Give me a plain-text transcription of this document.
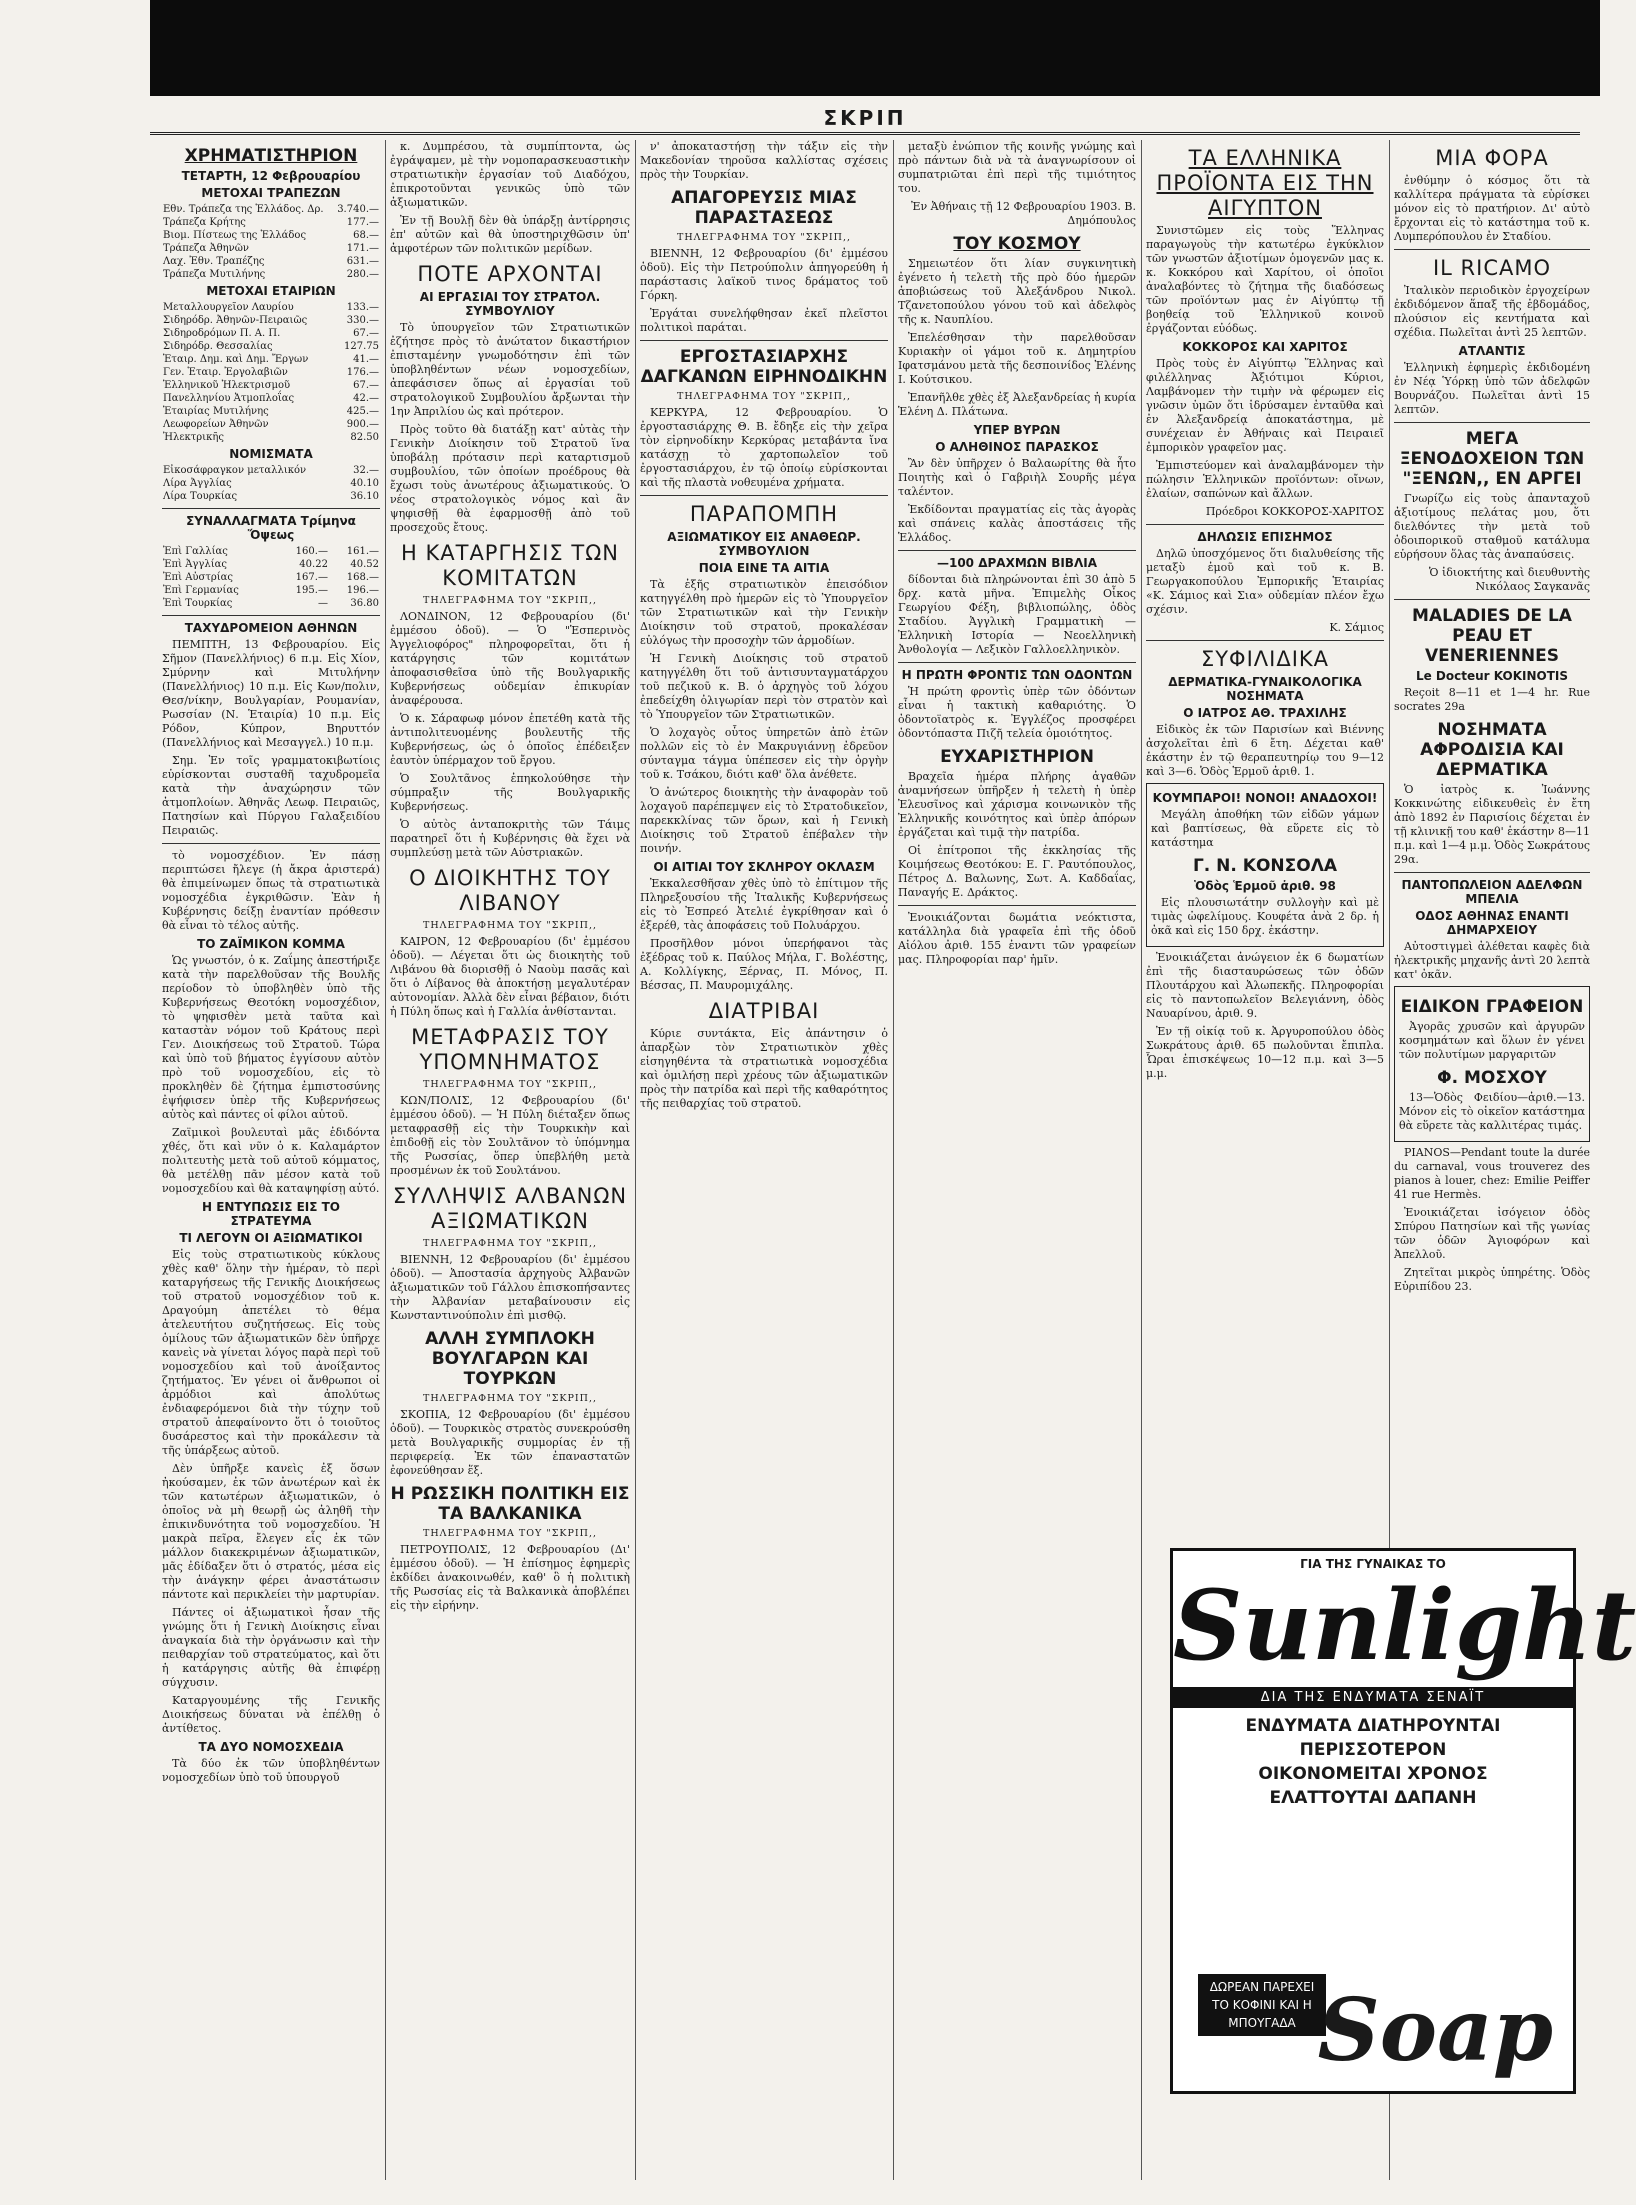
ΣΚΡΙΠ
ΧΡΗΜΑΤΙΣΤΗΡΙΟΝ
ΤΕΤΑΡΤΗ, 12 Φεβρουαρίου
ΜΕΤΟΧΑΙ ΤΡΑΠΕΖΩΝ
Εθν. Τράπεζα της Ἑλλάδος. Δρ.	3.740.—
Τράπεζα Κρήτης	177.—
Βιομ. Πίστεως της Ἑλλάδος	68.—
Τράπεζα Ἀθηνῶν	171.—
Λαχ. Ἐθν. Τραπέζης	631.—
Τράπεζα Μυτιλήνης	280.—
ΜΕΤΟΧΑΙ ΕΤΑΙΡΙΩΝ
Μεταλλουργεῖον Λαυρίου	133.—
Σιδηρόδρ. Ἀθηνῶν-Πειραιῶς	330.—
Σιδηροδρόμων Π. Α. Π.	67.—
Σιδηρόδρ. Θεσσαλίας	127.75
Ἑταιρ. Δημ. καὶ Δημ. Ἔργων	41.—
Γεν. Ἑταιρ. Ἐργολαβιῶν	176.—
Ἑλληνικοῦ Ἠλεκτρισμοῦ	67.—
Πανελληνίου Ἀτμοπλοΐας	42.—
Ἑταιρίας Μυτιλήνης	425.—
Λεωφορείων Ἀθηνῶν	900.—
Ἠλεκτρικῆς	82.50
ΝΟΜΙΣΜΑΤΑ
Εἰκοσάφραγκον μεταλλικόν	32.—
Λίρα Ἀγγλίας	40.10
Λίρα Τουρκίας	36.10
ΣΥΝΑΛΛΑΓΜΑΤΑ Τρίμηνα Ὄψεως
Ἐπὶ Γαλλίας	160.—	161.—
Ἐπὶ Ἀγγλίας	40.22	40.52
Ἐπὶ Αὐστρίας	167.—	168.—
Ἐπὶ Γερμανίας	195.—	196.—
Ἐπὶ Τουρκίας	—	36.80
ΤΑΧΥΔΡΟΜΕΙΟΝ ΑΘΗΝΩΝ

ΠΕΜΠΤΗ, 13 Φεβρουαρίου. Εἰς Σῆμον (Πανελλήνιος) 6 π.μ. Εἰς Χίον, Σμύρνην καὶ Μιτυλήνην (Πανελλήνιος) 10 π.μ. Εἰς Κων/πολιν, Θεσ/νίκην, Βουλγαρίαν, Ρουμανίαν, Ρωσσίαν (Ν. Ἑταιρία) 10 π.μ. Εἰς Ρόδον, Κύπρον, Βηρυττόν (Πανελλήνιος καὶ Μεσαγγελ.) 10 π.μ.

Σημ. Ἐν τοῖς γραμματοκιβωτίοις εὑρίσκονται συσταθῆ ταχυδρομεῖα κατὰ τὴν ἀναχώρησιν τῶν ἀτμοπλοίων. Ἀθηνᾶς Λεωφ. Πειραιῶς, Πατησίων καὶ Πύργου Γαλαξειδίου Πειραιῶς.

τὸ νομοσχέδιον. Ἐν πάσῃ περιπτώσει ἤλεγε (ἡ ἄκρα ἀριστερά) θὰ ἐπιμείνωμεν ὅπως τὰ στρατιωτικὰ νομοσχέδια ἐγκριθῶσιν. Ἐὰν ἡ Κυβέρνησις δείξῃ ἐναντίαν πρόθεσιν θὰ εἶναι τὸ τέλος αὐτῆς.

ΤΟ ΖΑΪΜΙΚΟΝ ΚΟΜΜΑ

Ὡς γνωστόν, ὁ κ. Ζαΐμης ἀπεστήριξε κατὰ τὴν παρελθοῦσαν τῆς Βουλῆς περίοδον τὸ ὑποβληθὲν ὑπὸ τῆς Κυβερνήσεως Θεοτόκη νομοσχέδιον, τὸ ψηφισθὲν μετὰ ταῦτα καὶ καταστὰν νόμον τοῦ Κράτους περὶ Γεν. Διοικήσεως τοῦ Στρατοῦ. Τώρα καὶ ὑπὸ τοῦ βήματος ἐγγίσουν αὐτὸν πρὸ τοῦ νομοσχεδίου, εἰς τὸ προκληθὲν δὲ ζήτημα ἐμπιστοσύνης ἐψήφισεν ὑπὲρ τῆς Κυβερνήσεως αὐτὸς καὶ πάντες οἱ φίλοι αὐτοῦ.

Ζαϊμικοὶ βουλευταὶ μᾶς ἐδιδόντα χθές, ὅτι καὶ νῦν ὁ κ. Καλαμάρτον πολιτευτὴς μετὰ τοῦ αὐτοῦ κόμματος, θὰ μετέλθῃ πᾶν μέσον κατὰ τοῦ νομοσχεδίου καὶ θὰ καταψηφίσῃ αὐτό.

Η ΕΝΤΥΠΩΣΙΣ ΕΙΣ ΤΟ ΣΤΡΑΤΕΥΜΑ
ΤΙ ΛΕΓΟΥΝ ΟΙ ΑΞΙΩΜΑΤΙΚΟΙ

Εἰς τοὺς στρατιωτικοὺς κύκλους χθὲς καθ' ὅλην τὴν ἡμέραν, τὸ περὶ καταργήσεως τῆς Γενικῆς Διοικήσεως τοῦ στρατοῦ νομοσχέδιον τοῦ κ. Δραγούμη ἀπετέλει τὸ θέμα ἀτελευτήτου συζητήσεως. Εἰς τοὺς ὁμίλους τῶν ἀξιωματικῶν δὲν ὑπῆρχε κανεὶς νὰ γίνεται λόγος παρὰ περὶ τοῦ νομοσχεδίου καὶ τοῦ ἀνοίξαντος ζητήματος. Ἐν γένει οἱ ἄνθρωποι οἱ ἀρμόδιοι καὶ ἀπολύτως ἐνδιαφερόμενοι διὰ τὴν τύχην τοῦ στρατοῦ ἀπεφαίνοντο ὅτι ὁ τοιοῦτος δυσάρεστος καὶ τὴν προκάλεσιν τὰ τῆς ὑπάρξεως αὐτοῦ.

Δὲν ὑπῆρξε κανεὶς ἐξ ὅσων ἠκούσαμεν, ἐκ τῶν ἀνωτέρων καὶ ἐκ τῶν κατωτέρων ἀξιωματικῶν, ὁ ὁποῖος νὰ μὴ θεωρῇ ὡς ἀληθῆ τὴν ἐπικινδυνότητα τοῦ νομοσχεδίου. Ἡ μακρὰ πεῖρα, ἔλεγεν εἷς ἐκ τῶν μάλλον διακεκριμένων ἀξιωματικῶν, μᾶς ἐδίδαξεν ὅτι ὁ στρατός, μέσα εἰς τὴν ἀνάγκην φέρει ἀναστάτωσιν πάντοτε καὶ περικλείει τὴν μαρτυρίαν.

Πάντες οἱ ἀξιωματικοὶ ἦσαν τῆς γνώμης ὅτι ἡ Γενικὴ Διοίκησις εἶναι ἀναγκαία διὰ τὴν ὀργάνωσιν καὶ τὴν πειθαρχίαν τοῦ στρατεύματος, καὶ ὅτι ἡ κατάργησις αὐτῆς θὰ ἐπιφέρῃ σύγχυσιν.

Καταργουμένης τῆς Γενικῆς Διοικήσεως δύναται νὰ ἐπέλθῃ ὁ ἀντίθετος.

ΤΑ ΔΥΟ ΝΟΜΟΣΧΕΔΙΑ

Τὰ δύο ἐκ τῶν ὑποβληθέντων νομοσχεδίων ὑπὸ τοῦ ὑπουργοῦ

κ. Δυμπρέσου, τὰ συμπίπτοντα, ὡς ἐγράψαμεν, μὲ τὴν νομοπαρασκευαστικὴν στρατιωτικὴν ἐργασίαν τοῦ Διαδόχου, ἐπικροτοῦνται γενικῶς ὑπὸ τῶν ἀξιωματικῶν.

Ἐν τῇ Βουλῇ δὲν θὰ ὑπάρξῃ ἀντίρρησις ἐπ' αὐτῶν καὶ θὰ ὑποστηριχθῶσιν ὑπ' ἀμφοτέρων τῶν πολιτικῶν μερίδων.

ΠΟΤΕ ΑΡΧΟΝΤΑΙ
ΑΙ ΕΡΓΑΣΙΑΙ ΤΟΥ ΣΤΡΑΤΟΛ. ΣΥΜΒΟΥΛΙΟΥ

Τὸ ὑπουργεῖον τῶν Στρατιωτικῶν ἐζήτησε πρὸς τὸ ἀνώτατον δικαστήριον ἐπισταμένην γνωμοδότησιν ἐπὶ τῶν ὑποβληθέντων νέων νομοσχεδίων, ἀπεφάσισεν ὅπως αἱ ἐργασίαι τοῦ στρατολογικοῦ Συμβουλίου ἄρξωνται τὴν 1ην Ἀπριλίου ὡς καὶ πρότερον.

Πρὸς τοῦτο θὰ διατάξῃ κατ' αὐτὰς τὴν Γενικὴν Διοίκησιν τοῦ Στρατοῦ ἵνα ὑποβάλῃ πρότασιν περὶ καταρτισμοῦ συμβουλίου, τῶν ὁποίων προέδρους θὰ ἔχωσι τοὺς ἀνωτέρους ἀξιωματικούς. Ὁ νέος στρατολογικὸς νόμος καὶ ἂν ψηφισθῇ θὰ ἐφαρμοσθῇ ἀπὸ τοῦ προσεχοῦς ἔτους.

Η ΚΑΤΑΡΓΗΣΙΣ ΤΩΝ ΚΟΜΙΤΑΤΩΝ
ΤΗΛΕΓΡΑΦΗΜΑ ΤΟΥ "ΣΚΡΙΠ,,

ΛΟΝΔΙΝΟΝ, 12 Φεβρουαρίου (δι' ἐμμέσου ὁδοῦ). — Ὁ "Ἑσπερινὸς Ἀγγελιοφόρος" πληροφορεῖται, ὅτι ἡ κατάργησις τῶν κομιτάτων ἀποφασισθεῖσα ὑπὸ τῆς Βουλγαρικῆς Κυβερνήσεως οὐδεμίαν ἐπικυρίαν ἀναφέρουσα.

Ὁ κ. Σάραφωφ μόνον ἐπετέθη κατὰ τῆς ἀντιπολιτευομένης βουλευτῆς τῆς Κυβερνήσεως, ὡς ὁ ὁποῖος ἐπέδειξεν ἑαυτὸν ὑπέρμαχον τοῦ ἔργου.

Ὁ Σουλτᾶνος ἐπηκολούθησε τὴν σύμπραξιν τῆς Βουλγαρικῆς Κυβερνήσεως.

Ὁ αὐτὸς ἀνταποκριτὴς τῶν Τάιμς παρατηρεῖ ὅτι ἡ Κυβέρνησις θὰ ἔχει νὰ συμπλεύσῃ μετὰ τῶν Αὐστριακῶν.

Ο ΔΙΟΙΚΗΤΗΣ ΤΟΥ ΛΙΒΑΝΟΥ
ΤΗΛΕΓΡΑΦΗΜΑ ΤΟΥ "ΣΚΡΙΠ,,

ΚΑΙΡΟΝ, 12 Φεβρουαρίου (δι' ἐμμέσου ὁδοῦ). — Λέγεται ὅτι ὡς διοικητὴς τοῦ Λιβάνου θὰ διορισθῇ ὁ Ναοὺμ πασᾶς καὶ ὅτι ὁ Λίβανος θὰ ἀποκτήσῃ μεγαλυτέραν αὐτονομίαν. Ἀλλὰ δὲν εἶναι βέβαιον, διότι ἡ Πύλη ὅπως καὶ ἡ Γαλλία ἀνθίστανται.

ΜΕΤΑΦΡΑΣΙΣ ΤΟΥ ΥΠΟΜΝΗΜΑΤΟΣ
ΤΗΛΕΓΡΑΦΗΜΑ ΤΟΥ "ΣΚΡΙΠ,,

ΚΩΝ/ΠΟΛΙΣ, 12 Φεβρουαρίου (δι' ἐμμέσου ὁδοῦ). — Ἡ Πύλη διέταξεν ὅπως μεταφρασθῇ εἰς τὴν Τουρκικὴν καὶ ἐπιδοθῇ εἰς τὸν Σουλτᾶνον τὸ ὑπόμνημα τῆς Ρωσσίας, ὅπερ ὑπεβλήθη μετὰ προσμένων ἐκ τοῦ Σουλτάνου.

ΣΥΛΛΗΨΙΣ ΑΛΒΑΝΩΝ ΑΞΙΩΜΑΤΙΚΩΝ
ΤΗΛΕΓΡΑΦΗΜΑ ΤΟΥ "ΣΚΡΙΠ,,

ΒΙΕΝΝΗ, 12 Φεβρουαρίου (δι' ἐμμέσου ὁδοῦ). — Ἀποστασία ἀρχηγοὺς Ἀλβανῶν ἀξιωματικῶν τοῦ Γάλλου ἐπισκοπήσαντες τὴν Ἀλβανίαν μεταβαίνουσιν εἰς Κωνσταντινούπολιν ἐπὶ μισθῷ.

ΑΛΛΗ ΣΥΜΠΛΟΚΗ ΒΟΥΛΓΑΡΩΝ ΚΑΙ ΤΟΥΡΚΩΝ
ΤΗΛΕΓΡΑΦΗΜΑ ΤΟΥ "ΣΚΡΙΠ,,

ΣΚΟΠΙΑ, 12 Φεβρουαρίου (δι' ἐμμέσου ὁδοῦ). — Τουρκικὸς στρατὸς συνεκρούσθη μετὰ Βουλγαρικῆς συμμορίας ἐν τῇ περιφερείᾳ. Ἐκ τῶν ἐπαναστατῶν ἐφονεύθησαν ἕξ.

Η ΡΩΣΣΙΚΗ ΠΟΛΙΤΙΚΗ ΕΙΣ ΤΑ ΒΑΛΚΑΝΙΚΑ
ΤΗΛΕΓΡΑΦΗΜΑ ΤΟΥ "ΣΚΡΙΠ,,

ΠΕΤΡΟΥΠΟΛΙΣ, 12 Φεβρουαρίου (Δι' ἐμμέσου ὁδοῦ). — Ἡ ἐπίσημος ἐφημερὶς ἐκδίδει ἀνακοινωθέν, καθ' ὃ ἡ πολιτικὴ τῆς Ρωσσίας εἰς τὰ Βαλκανικὰ ἀποβλέπει εἰς τὴν εἰρήνην.

ν' ἀποκαταστήσῃ τὴν τάξιν εἰς τὴν Μακεδονίαν τηροῦσα καλλίστας σχέσεις πρὸς τὴν Τουρκίαν.

ΑΠΑΓΟΡΕΥΣΙΣ ΜΙΑΣ ΠΑΡΑΣΤΑΣΕΩΣ
ΤΗΛΕΓΡΑΦΗΜΑ ΤΟΥ "ΣΚΡΙΠ,,

ΒΙΕΝΝΗ, 12 Φεβρουαρίου (δι' ἐμμέσου ὁδοῦ). Εἰς τὴν Πετρούπολιν ἀπηγορεύθη ἡ παράστασις λαϊκοῦ τινος δράματος τοῦ Γόρκη.

Ἐργάται συνελήφθησαν ἐκεῖ πλεῖστοι πολιτικοὶ παράται.

ΕΡΓΟΣΤΑΣΙΑΡΧΗΣ ΔΑΓΚΑΝΩΝ ΕΙΡΗΝΟΔΙΚΗΝ
ΤΗΛΕΓΡΑΦΗΜΑ ΤΟΥ "ΣΚΡΙΠ,,

ΚΕΡΚΥΡΑ, 12 Φεβρουαρίου. Ὁ ἐργοστασιάρχης Θ. Β. ἔδηξε εἰς τὴν χεῖρα τὸν εἰρηνοδίκην Κερκύρας μεταβάντα ἵνα κατάσχῃ τὸ χαρτοπωλεῖον τοῦ ἐργοστασιάρχου, ἐν τῷ ὁποίῳ εὑρίσκονται καὶ τῆς πλαστὰ νοθευμένα χρήματα.

ΠΑΡΑΠΟΜΠΗ
ΑΞΙΩΜΑΤΙΚΟΥ ΕΙΣ ΑΝΑΘΕΩΡ. ΣΥΜΒΟΥΛΙΟΝ
ΠΟΙΑ ΕΙΝΕ ΤΑ ΑΙΤΙΑ

Τὰ ἐξῆς στρατιωτικὸν ἐπεισόδιον κατηγγέλθη πρὸ ἡμερῶν εἰς τὸ Ὑπουργεῖον τῶν Στρατιωτικῶν καὶ τὴν Γενικὴν Διοίκησιν τοῦ στρατοῦ, προκαλέσαν εὐλόγως τὴν προσοχὴν τῶν ἁρμοδίων.

Ἡ Γενικὴ Διοίκησις τοῦ στρατοῦ κατηγγέλθη ὅτι τοῦ ἀντισυνταγματάρχου τοῦ πεζικοῦ κ. Β. ὁ ἀρχηγὸς τοῦ λόχου ἐπεδείχθη ὀλιγωρίαν περὶ τὸν στρατὸν καὶ τὸ Ὑπουργεῖον τῶν Στρατιωτικῶν.

Ὁ λοχαγὸς οὗτος ὑπηρετῶν ἀπὸ ἐτῶν πολλῶν εἰς τὸ ἐν Μακρυγιάννῃ ἐδρεῦον σύνταγμα τάγμα ὑπέπεσεν εἰς τὴν ὀργὴν τοῦ κ. Τσάκου, διότι καθ' ὅλα ἀνέθετε.

Ὁ ἀνώτερος διοικητὴς τὴν ἀναφορὰν τοῦ λοχαγοῦ παρέπεμψεν εἰς τὸ Στρατοδικεῖον, παρεκκλίνας τῶν ὅρων, καὶ ἡ Γενικὴ Διοίκησις τοῦ Στρατοῦ ἐπέβαλεν τὴν ποινήν.

ΟΙ ΑΙΤΙΑΙ ΤΟΥ ΣΚΛΗΡΟΥ ΟΚΛΑΣΜ

Ἐκκαλεσθῆσαν χθὲς ὑπὸ τὸ ἐπίτιμον τῆς Πληρεξουσίου τῆς Ἰταλικῆς Κυβερνήσεως εἰς τὸ Ἐσπρεό Ἀτελιέ ἐγκρίθησαν καὶ ὁ ἐξερέθ, τὰς ἀποφάσεις τοῦ Πολυάρχου.

Προσῆλθον μόνοι ὑπερήφανοι τὰς ἐξέδρας τοῦ κ. Παύλος Μήλα, Γ. Βολέστης, Α. Κολλίγκης, Ξέρνας, Π. Μόνος, Π. Βέσσας, Π. Μαυρομιχάλης.

ΔΙΑΤΡΙΒΑΙ

Κύριε συντάκτα, Εἰς ἀπάντησιν ὁ ἀπαρξὼν τὸν Στρατιωτικὸν χθὲς εἰσηγηθέντα τὰ στρατιωτικὰ νομοσχέδια καὶ ὁμιλήσῃ περὶ χρέους τῶν ἀξιωματικῶν πρὸς τὴν πατρίδα καὶ περὶ τῆς καθαρότητος τῆς πειθαρχίας τοῦ στρατοῦ.

μεταξὺ ἐνώπιον τῆς κοινῆς γνώμης καὶ πρὸ πάντων διὰ νὰ τὰ ἀναγνωρίσουν οἱ συμπατριῶται ἐπὶ περὶ τῆς τιμιότητος του.

Ἐν Ἀθήναις τῇ 12 Φεβρουαρίου 1903. Β. Δημόπουλος

ΤΟΥ ΚΟΣΜΟΥ

Σημειωτέον ὅτι λίαν συγκινητικὴ ἐγένετο ἡ τελετὴ τῆς πρὸ δύο ἡμερῶν ἀποβιώσεως τοῦ Ἀλεξάνδρου Νικολ. Τζανετοπούλου γόνου τοῦ καὶ ἀδελφὸς τῆς κ. Ναυπλίου.

Ἐπελέσθησαν τὴν παρελθοῦσαν Κυριακὴν οἱ γάμοι τοῦ κ. Δημητρίου Ιφατσμάνου μετὰ τῆς δεσποινίδος Ἑλένης Ι. Κούτσικου.

Ἐπανῆλθε χθὲς ἐξ Ἀλεξανδρείας ἡ κυρία Ἑλένη Δ. Πλάτωνα.

ΥΠΕΡ ΒΥΡΩΝ
Ο ΑΛΗΘΙΝΟΣ ΠΑΡΑΣΚΟΣ

Ἂν δὲν ὑπῆρχεν ὁ Βαλαωρίτης θὰ ἦτο Ποιητὴς καὶ ὁ Γαβριὴλ Σουρῆς μέγα ταλέντον.

Ἐκδίδονται πραγματίας εἰς τὰς ἀγορὰς καὶ σπάνεις καλὰς ἀποστάσεις τῆς Ἑλλάδος.

—100 ΔΡΑΧΜΩΝ ΒΙΒΛΙΑ

δίδονται διὰ πληρώνονται ἐπὶ 30 ἀπὸ 5 δρχ. κατὰ μῆνα. Ἐπιμελὴς Οἶκος Γεωργίου Φέξη, βιβλιοπώλης, ὁδὸς Σταδίου. Ἀγγλικὴ Γραμματικὴ — Ἐλληνικὴ Ιστορία — Νεοελληνικὴ Ἀνθολογία — Λεξικὸν Γαλλοελληνικὸν.

Η ΠΡΩΤΗ ΦΡΟΝΤΙΣ ΤΩΝ ΟΔΟΝΤΩΝ

Ἡ πρώτη φροντὶς ὑπὲρ τῶν ὀδόντων εἶναι ἡ τακτικὴ καθαριότης. Ὁ ὀδοντοϊατρὸς κ. Ἐγγλέζος προσφέρει ὀδοντόπαστα Πιζῆ τελεία ὁμοιότητος.

ΕΥΧΑΡΙΣΤΗΡΙΟΝ

Βραχεῖα ἡμέρα πλήρης ἀγαθῶν ἀναμνήσεων ὑπῆρξεν ἡ τελετὴ ἡ ὑπὲρ Ἐλευσῖνος καὶ χάρισμα κοινωνικὸν τῆς Ἐλληνικῆς κοινότητος καὶ ὑπὲρ ἀπόρων ἐργάζεται καὶ τιμᾷ τὴν πατρίδα.

Οἱ ἐπίτροποι τῆς ἐκκλησίας τῆς Κοιμήσεως Θεοτόκου: Ε. Γ. Ραυτόπουλος, Πέτρος Δ. Βαλωνης, Σωτ. Α. Καδδαΐας, Παναγής Ε. Δράκτος.

Ἐνοικιάζονται δωμάτια νεόκτιστα, κατάλληλα διὰ γραφεῖα ἐπὶ τῆς ὁδοῦ Αἰόλου ἀριθ. 155 ἐναντι τῶν γραφείων μας. Πληροφορίαι παρ' ἡμῖν.

ΤΑ ΕΛΛΗΝΙΚΑ ΠΡΟΪΟΝΤΑ ΕΙΣ ΤΗΝ ΑΙΓΥΠΤΟΝ

Συνιστῶμεν εἰς τοὺς Ἕλληνας παραγωγοὺς τὴν κατωτέρω ἐγκύκλιον τῶν γνωστῶν ἀξιοτίμων ὁμογενῶν μας κ. κ. Κοκκόρου καὶ Χαρίτου, οἱ ὁποῖοι ἀναλαβόντες τὸ ζήτημα τῆς διαδόσεως τῶν προϊόντων μας ἐν Αἰγύπτῳ τῇ βοηθείᾳ τοῦ Ἑλληνικοῦ κοινοῦ ἐργάζονται εὐόδως.

ΚΟΚΚΟΡΟΣ ΚΑΙ ΧΑΡΙΤΟΣ

Πρὸς τοὺς ἐν Αἰγύπτῳ Ἕλληνας καὶ φιλέλληνας Ἀξιότιμοι Κύριοι, Λαμβάνομεν τὴν τιμὴν νὰ φέρωμεν εἰς γνῶσιν ὑμῶν ὅτι ἱδρύσαμεν ἐνταῦθα καὶ ἐν Ἀλεξανδρείᾳ ἀποκατάστημα, μὲ συνέχειαν ἐν Ἀθήναις καὶ Πειραιεῖ ἐμπορικὸν γραφεῖον μας.

Ἐμπιστεύομεν καὶ ἀναλαμβάνομεν τὴν πώλησιν Ἑλληνικῶν προϊόντων: οἴνων, ἐλαίων, σαπώνων καὶ ἄλλων.

Πρόεδροι ΚΟΚΚΟΡΟΣ-ΧΑΡΙΤΟΣ

ΔΗΛΩΣΙΣ ΕΠΙΣΗΜΟΣ

Δηλῶ ὑποσχόμενος ὅτι διαλυθείσης τῆς μεταξὺ ἐμοῦ καὶ τοῦ κ. Β. Γεωργακοπούλου Ἐμπορικῆς Ἑταιρίας «Κ. Σάμιος καὶ Σια» οὐδεμίαν πλέον ἔχω σχέσιν.

Κ. Σάμιος

ΣΥΦΙΛΙΔΙΚΑ
ΔΕΡΜΑΤΙΚΑ-ΓΥΝΑΙΚΟΛΟΓΙΚΑ ΝΟΣΗΜΑΤΑ
Ο ΙΑΤΡΟΣ ΑΘ. ΤΡΑΧΙΛΗΣ

Εἰδικὸς ἐκ τῶν Παρισίων καὶ Βιέννης ἀσχολεῖται ἐπὶ 6 ἔτη. Δέχεται καθ' ἑκάστην ἐν τῷ θεραπευτηρίῳ του 9—12 καὶ 3—6. Ὁδὸς Ἑρμοῦ ἀριθ. 1.

ΚΟΥΜΠΑΡΟΙ! ΝΟΝΟΙ! ΑΝΑΔΟΧΟΙ!

Μεγάλη ἀποθήκη τῶν εἰδῶν γάμων καὶ βαπτίσεως, θὰ εὕρετε εἰς τὸ κατάστημα

Γ. Ν. ΚΟΝΣΟΛΑ
Ὁδὸς Ἑρμοῦ ἀριθ. 98

Εἰς πλουσιωτάτην συλλογὴν καὶ μὲ τιμὰς ὠφελίμους. Κουφέτα ἀνὰ 2 δρ. ἡ ὀκᾶ καὶ εἰς 150 δρχ. ἑκάστην.

Ἐνοικιάζεται ἀνώγειον ἐκ 6 δωματίων ἐπὶ τῆς διασταυρώσεως τῶν ὁδῶν Πλουτάρχου καὶ Ἀλωπεκῆς. Πληροφορίαι εἰς τὸ παντοπωλεῖον Βελεγιάννη, ὁδὸς Ναυαρίνου, ἀριθ. 9.

Ἐν τῇ οἰκίᾳ τοῦ κ. Ἀργυροπούλου ὁδὸς Σωκράτους ἀριθ. 65 πωλοῦνται ἔπιπλα. Ὧραι ἐπισκέψεως 10—12 π.μ. καὶ 3—5 μ.μ.

ΜΙΑ ΦΟΡΑ

ἐνθύμην ὁ κόσμος ὅτι τὰ καλλίτερα πράγματα τὰ εὑρίσκει μόνον εἰς τὸ πρατήριον. Δι' αὐτὸ ἔρχονται εἰς τὸ κατάστημα τοῦ κ. Λυμπερόπουλου ἐν Σταδίου.

IL RICAMO

Ἰταλικὸν περιοδικὸν ἐργοχείρων ἐκδιδόμενον ἅπαξ τῆς ἑβδομάδος, πλούσιον εἰς κεντήματα καὶ σχέδια. Πωλεῖται ἀντὶ 25 λεπτῶν.

ΑΤΛΑΝΤΙΣ

Ἑλληνικὴ ἐφημερὶς ἐκδιδομένη ἐν Νέᾳ Ὑόρκῃ ὑπὸ τῶν ἀδελφῶν Βουρνάζου. Πωλεῖται ἀντὶ 15 λεπτῶν.

ΜΕΓΑ ΞΕΝΟΔΟΧΕΙΟΝ ΤΩΝ "ΞΕΝΩΝ,, ΕΝ ΑΡΓΕΙ

Γνωρίζω εἰς τοὺς ἀπανταχοῦ ἀξιοτίμους πελάτας μου, ὅτι διελθόντες τὴν μετὰ τοῦ ὁδοιπορικοῦ σταθμοῦ κατάλυμα εὑρήσουν ὅλας τὰς ἀναπαύσεις.

Ὁ ἰδιοκτήτης καὶ διευθυντὴς Νικόλαος Σαγκανᾶς

MALADIES DE LA PEAU ET VENERIENNES
Le Docteur KOKINOTIS

Reçoit 8—11 et 1—4 hr. Rue socrates 29a

ΝΟΣΗΜΑΤΑ ΑΦΡΟΔΙΣΙΑ ΚΑΙ ΔΕΡΜΑΤΙΚΑ

Ὁ ἰατρὸς κ. Ἰωάννης Κοκκινώτης εἰδικευθεὶς ἐν ἔτη ἀπὸ 1892 ἐν Παρισίοις δέχεται ἐν τῇ κλινικῇ του καθ' ἑκάστην 8—11 π.μ. καὶ 1—4 μ.μ. Ὁδὸς Σωκράτους 29α.

ΠΑΝΤΟΠΩΛΕΙΟΝ ΑΔΕΛΦΩΝ ΜΠΕΛΙΑ
ΟΔΟΣ ΑΘΗΝΑΣ ΕΝΑΝΤΙ ΔΗΜΑΡΧΕΙΟΥ

Αὐτοστιγμεὶ ἀλέθεται καφὲς διὰ ἠλεκτρικῆς μηχανῆς ἀντὶ 20 λεπτὰ κατ' ὀκᾶν.

ΕΙΔΙΚΟΝ ΓΡΑΦΕΙΟΝ

Ἀγορᾶς χρυσῶν καὶ ἀργυρῶν κοσμημάτων καὶ ὅλων ἐν γένει τῶν πολυτίμων μαργαριτῶν

Φ. ΜΟΣΧΟΥ

13—Ὁδὸς Φειδίου—ἀριθ.—13. Μόνον εἰς τὸ οἰκεῖον κατάστημα θὰ εὕρετε τὰς καλλιτέρας τιμάς.

PIANOS—Pendant toute la durée du carnaval, vous trouverez des pianos à louer, chez: Emilie Peiffer 41 rue Hermès.

Ἐνοικιάζεται ἰσόγειον ὁδὸς Σπύρου Πατησίων καὶ τῆς γωνίας τῶν ὁδῶν Ἀγιοφόρων καὶ Ἀπελλοῦ.

Ζητεῖται μικρὸς ὑπηρέτης. Ὁδὸς Εὐριπίδου 23.

ΓΙΑ ΤΗΣ ΓΥΝΑΙΚΑΣ ΤΟ
Sunlight
ΔΙΑ ΤΗΣ ΕΝΔΥΜΑΤΑ ΣΕΝΑΪΤ
ΕΝΔΥΜΑΤΑ ΔΙΑΤΗΡΟΥΝΤΑΙ ΠΕΡΙΣΣΟΤΕΡΟΝ
ΟΙΚΟΝΟΜΕΙΤΑΙ ΧΡΟΝΟΣ
ΕΛΑΤΤΟΥΤΑΙ ΔΑΠΑΝΗ
ΔΩΡΕΑΝ ΠΑΡΕΧΕΙ ΤΟ ΚΟΦΙΝΙ ΚΑΙ Η ΜΠΟΥΓΑΔΑ Soap
